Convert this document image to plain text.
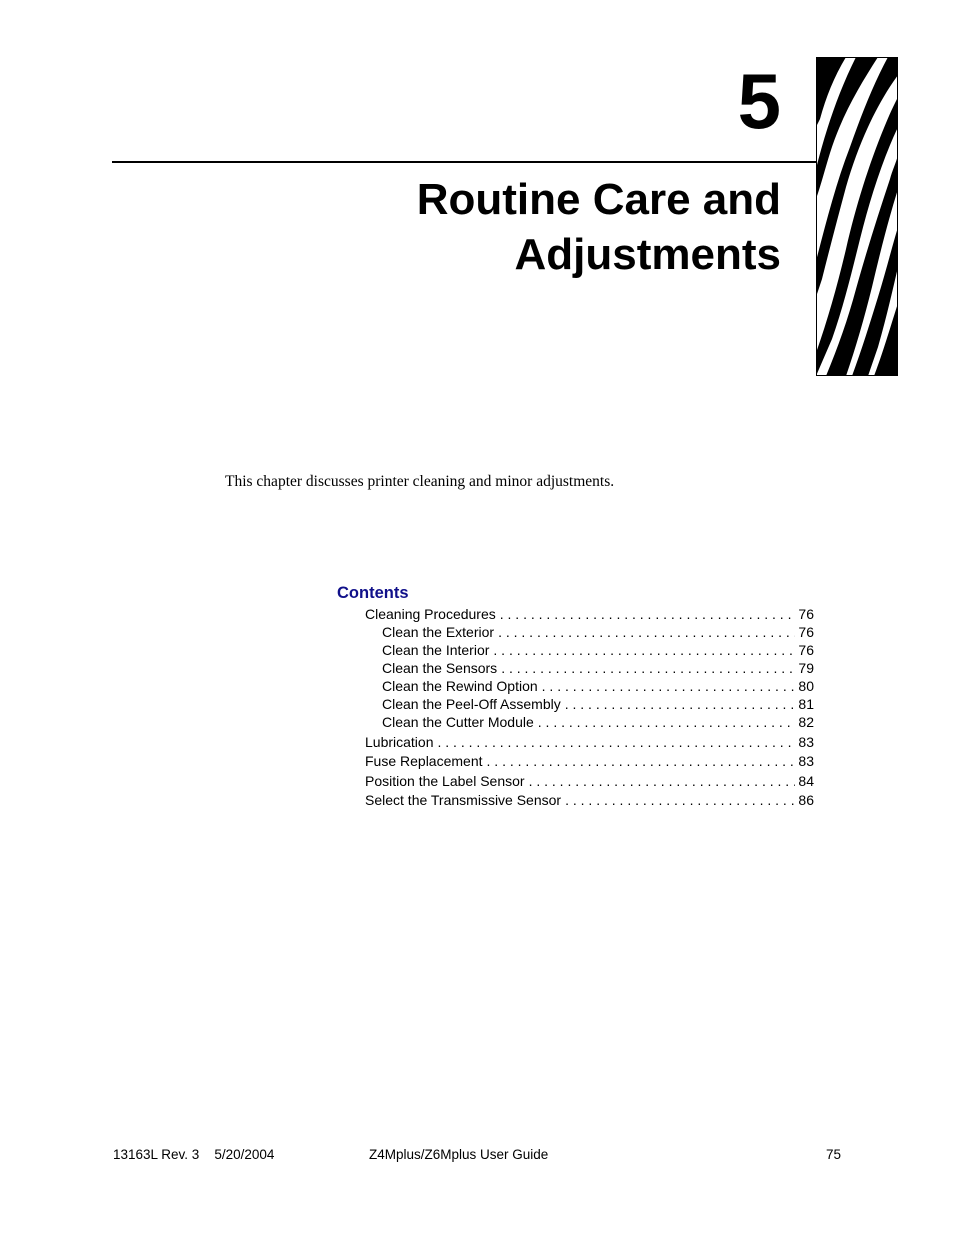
5
Routine Care and
Adjustments

This chapter discusses printer cleaning and minor adjustments.

Contents
Cleaning Procedures . . .	76
Clean the Exterior . . .	76
Clean the Interior . . .	76
Clean the Sensors . . .	79
Clean the Rewind Option . . .	80
Clean the Peel-Off Assembly . . .	81
Clean the Cutter Module . . .	82
Lubrication . . .	83
Fuse Replacement . . .	83
Position the Label Sensor . . .	84
Select the Transmissive Sensor . . .	86

13163L Rev. 3    5/20/2004	Z4Mplus/Z6Mplus User Guide	75
